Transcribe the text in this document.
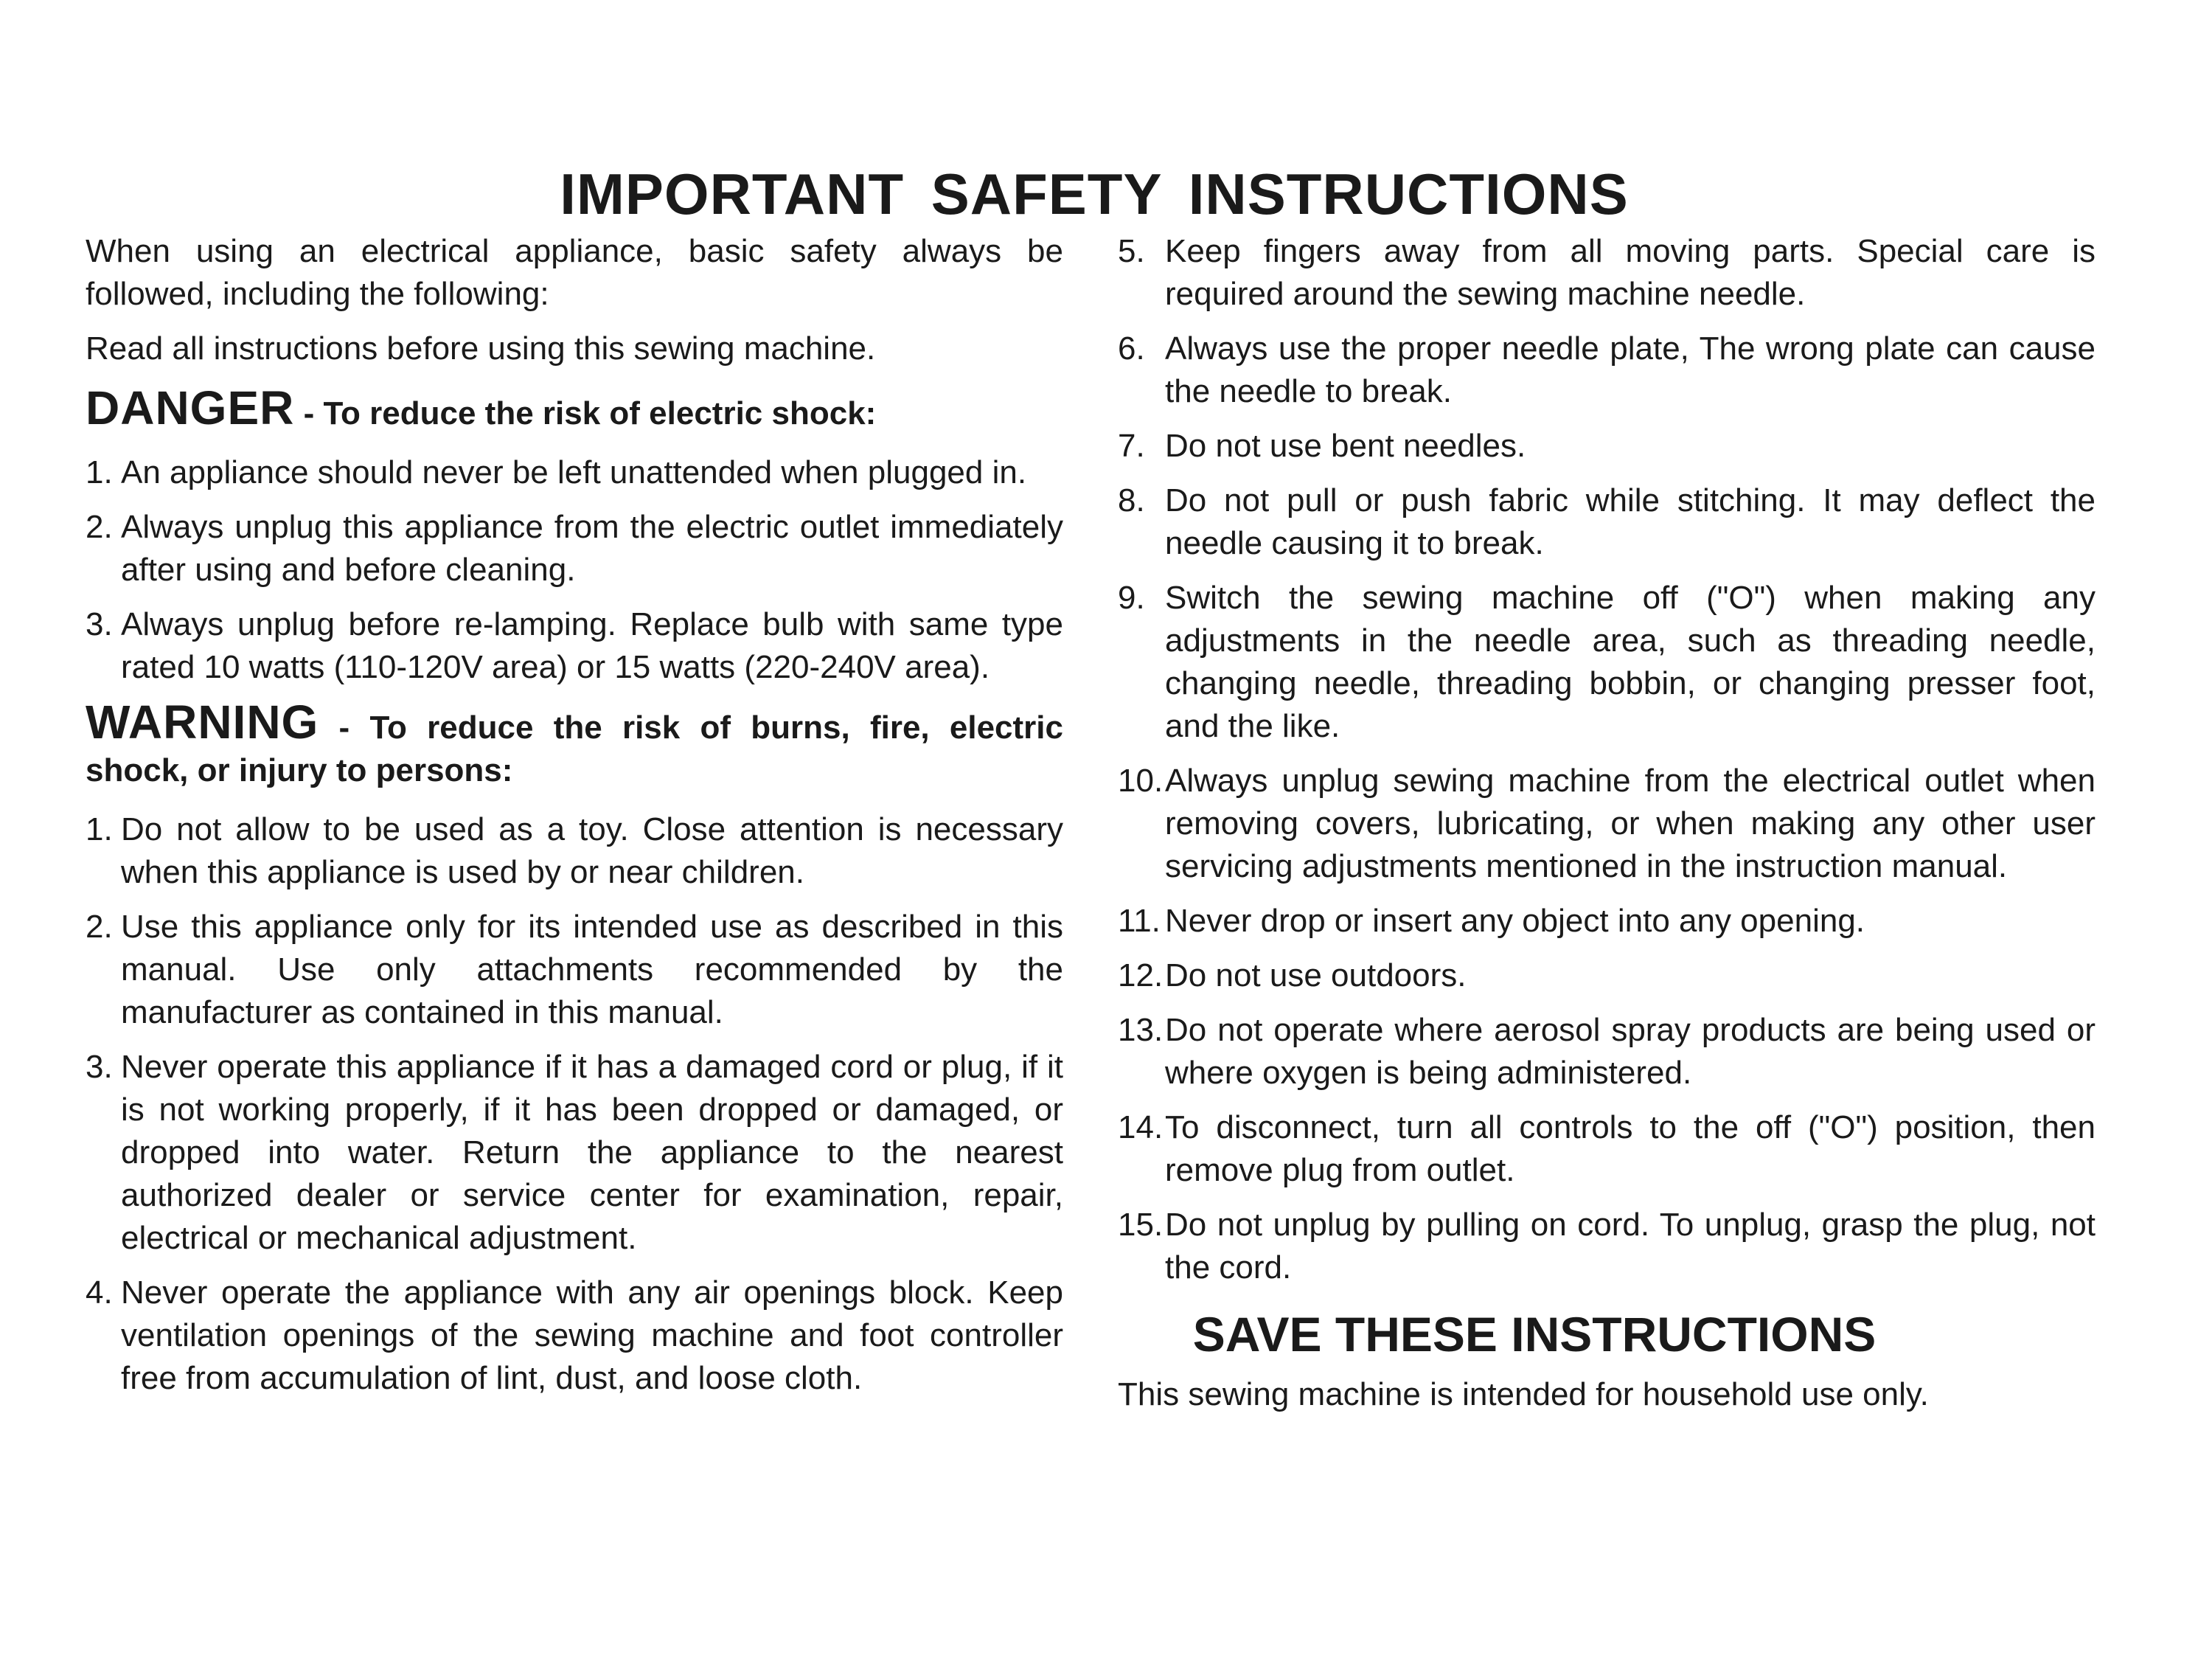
IMPORTANT SAFETY INSTRUCTIONS

When using an electrical appliance, basic safety always be followed, including the following:

Read all instructions before using this sewing machine.

DANGER - To reduce the risk of electric shock:
1. An appliance should never be left unattended when plugged in.
2. Always unplug this appliance from the electric outlet immediately after using and before cleaning.
3. Always unplug before re-lamping. Replace bulb with same type rated 10 watts (110-120V area) or 15 watts (220-240V area).
WARNING - To reduce the risk of burns, fire, electric shock, or injury to persons:
1. Do not allow to be used as a toy. Close attention is necessary when this appliance is used by or near children.
2. Use this appliance only for its intended use as described in this manual. Use only attachments recommended by the manufacturer as contained in this manual.
3. Never operate this appliance if it has a damaged cord or plug, if it is not working properly, if it has been dropped or damaged, or dropped into water. Return the appliance to the nearest authorized dealer or service center for examination, repair, electrical or mechanical adjustment.
4. Never operate the appliance with any air openings block. Keep ventilation openings of the sewing machine and foot controller free from accumulation of lint, dust, and loose cloth.
5. Keep fingers away from all moving parts. Special care is required around the sewing machine needle.
6. Always use the proper needle plate, The wrong plate can cause the needle to break.
7. Do not use bent needles.
8. Do not pull or push fabric while stitching. It may deflect the needle causing it to break.
9. Switch the sewing machine off ("O") when making any adjustments in the needle area, such as threading needle, changing needle, threading bobbin, or changing presser foot, and the like.
10. Always unplug sewing machine from the electrical outlet when removing covers, lubricating, or when making any other user servicing adjustments mentioned in the instruction manual.
11. Never drop or insert any object into any opening.
12. Do not use outdoors.
13. Do not operate where aerosol spray products are being used or where oxygen is being administered.
14. To disconnect, turn all controls to the off ("O") position, then remove plug from outlet.
15. Do not unplug by pulling on cord. To unplug, grasp the plug, not the cord.
SAVE THESE INSTRUCTIONS

This sewing machine is intended for household use only.
